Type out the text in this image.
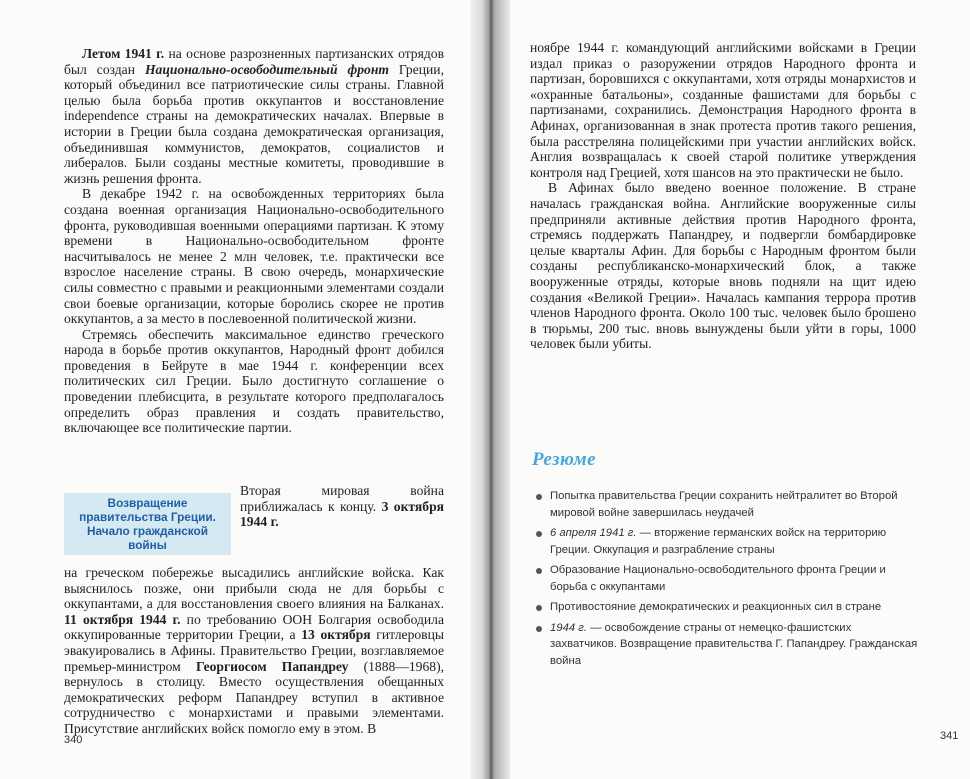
Летом 1941 г. на основе разрозненных партизанских отрядов был создан Национально-освободительный фронт Греции, который объединил все патриотические силы страны. Главной целью была борьба против оккупантов и восстановление independence страны на демократических началах. Впервые в истории в Греции была создана демократическая организация, объединившая коммунистов, демократов, социалистов и либералов. Были созданы местные комитеты, проводившие в жизнь решения фронта.

В декабре 1942 г. на освобожденных территориях была создана военная организация Национально-освободительного фронта, руководившая военными операциями партизан. К этому времени в Национально-освободительном фронте насчитывалось не менее 2 млн человек, т.е. практически все взрослое население страны. В свою очередь, монархические силы совместно с правыми и реакционными элементами создали свои боевые организации, которые боролись скорее не против оккупантов, а за место в послевоенной политической жизни.

Стремясь обеспечить максимальное единство греческого народа в борьбе против оккупантов, Народный фронт добился проведения в Бейруте в мае 1944 г. конференции всех политических сил Греции. Было достигнуто соглашение о проведении плебисцита, в результате которого предполагалось определить образ правления и создать правительство, включающее все политические партии.

Возвращение правительства Греции. Начало гражданской войны
Вторая мировая война приближалась к концу. 3 октября 1944 г.

на греческом побережье высадились английские войска. Как выяснилось позже, они прибыли сюда не для борьбы с оккупантами, а для восстановления своего влияния на Балканах. 11 октября 1944 г. по требованию ООН Болгария освободила оккупированные территории Греции, а 13 октября гитлеровцы эвакуировались в Афины. Правительство Греции, возглавляемое премьер-министром Георгиосом Папандреу (1888—1968), вернулось в столицу. Вместо осуществления обещанных демократических реформ Папандреу вступил в активное сотрудничество с монархистами и правыми элементами. Присутствие английских войск помогло ему в этом. В

340

ноябре 1944 г. командующий английскими войсками в Греции издал приказ о разоружении отрядов Народного фронта и партизан, боровшихся с оккупантами, хотя отряды монархистов и «охранные батальоны», созданные фашистами для борьбы с партизанами, сохранились. Демонстрация Народного фронта в Афинах, организованная в знак протеста против такого решения, была расстреляна полицейскими при участии английских войск. Англия возвращалась к своей старой политике утверждения контроля над Грецией, хотя шансов на это практически не было.

В Афинах было введено военное положение. В стране началась гражданская война. Английские вооруженные силы предприняли активные действия против Народного фронта, стремясь поддержать Папандреу, и подвергли бомбардировке целые кварталы Афин. Для борьбы с Народным фронтом были созданы республиканско-монархический блок, а также вооруженные отряды, которые вновь подняли на щит идею создания «Великой Греции». Началась кампания террора против членов Народного фронта. Около 100 тыс. человек было брошено в тюрьмы, 200 тыс. вновь вынуждены были уйти в горы, 1000 человек были убиты.

Резюме
Попытка правительства Греции сохранить нейтралитет во Второй мировой войне завершилась неудачей
6 апреля 1941 г. — вторжение германских войск на территорию Греции. Оккупация и разграбление страны
Образование Национально-освободительного фронта Греции и борьба с оккупантами
Противостояние демократических и реакционных сил в стране
1944 г. — освобождение страны от немецко-фашистских захватчиков. Возвращение правительства Г. Папандреу. Гражданская война
341
